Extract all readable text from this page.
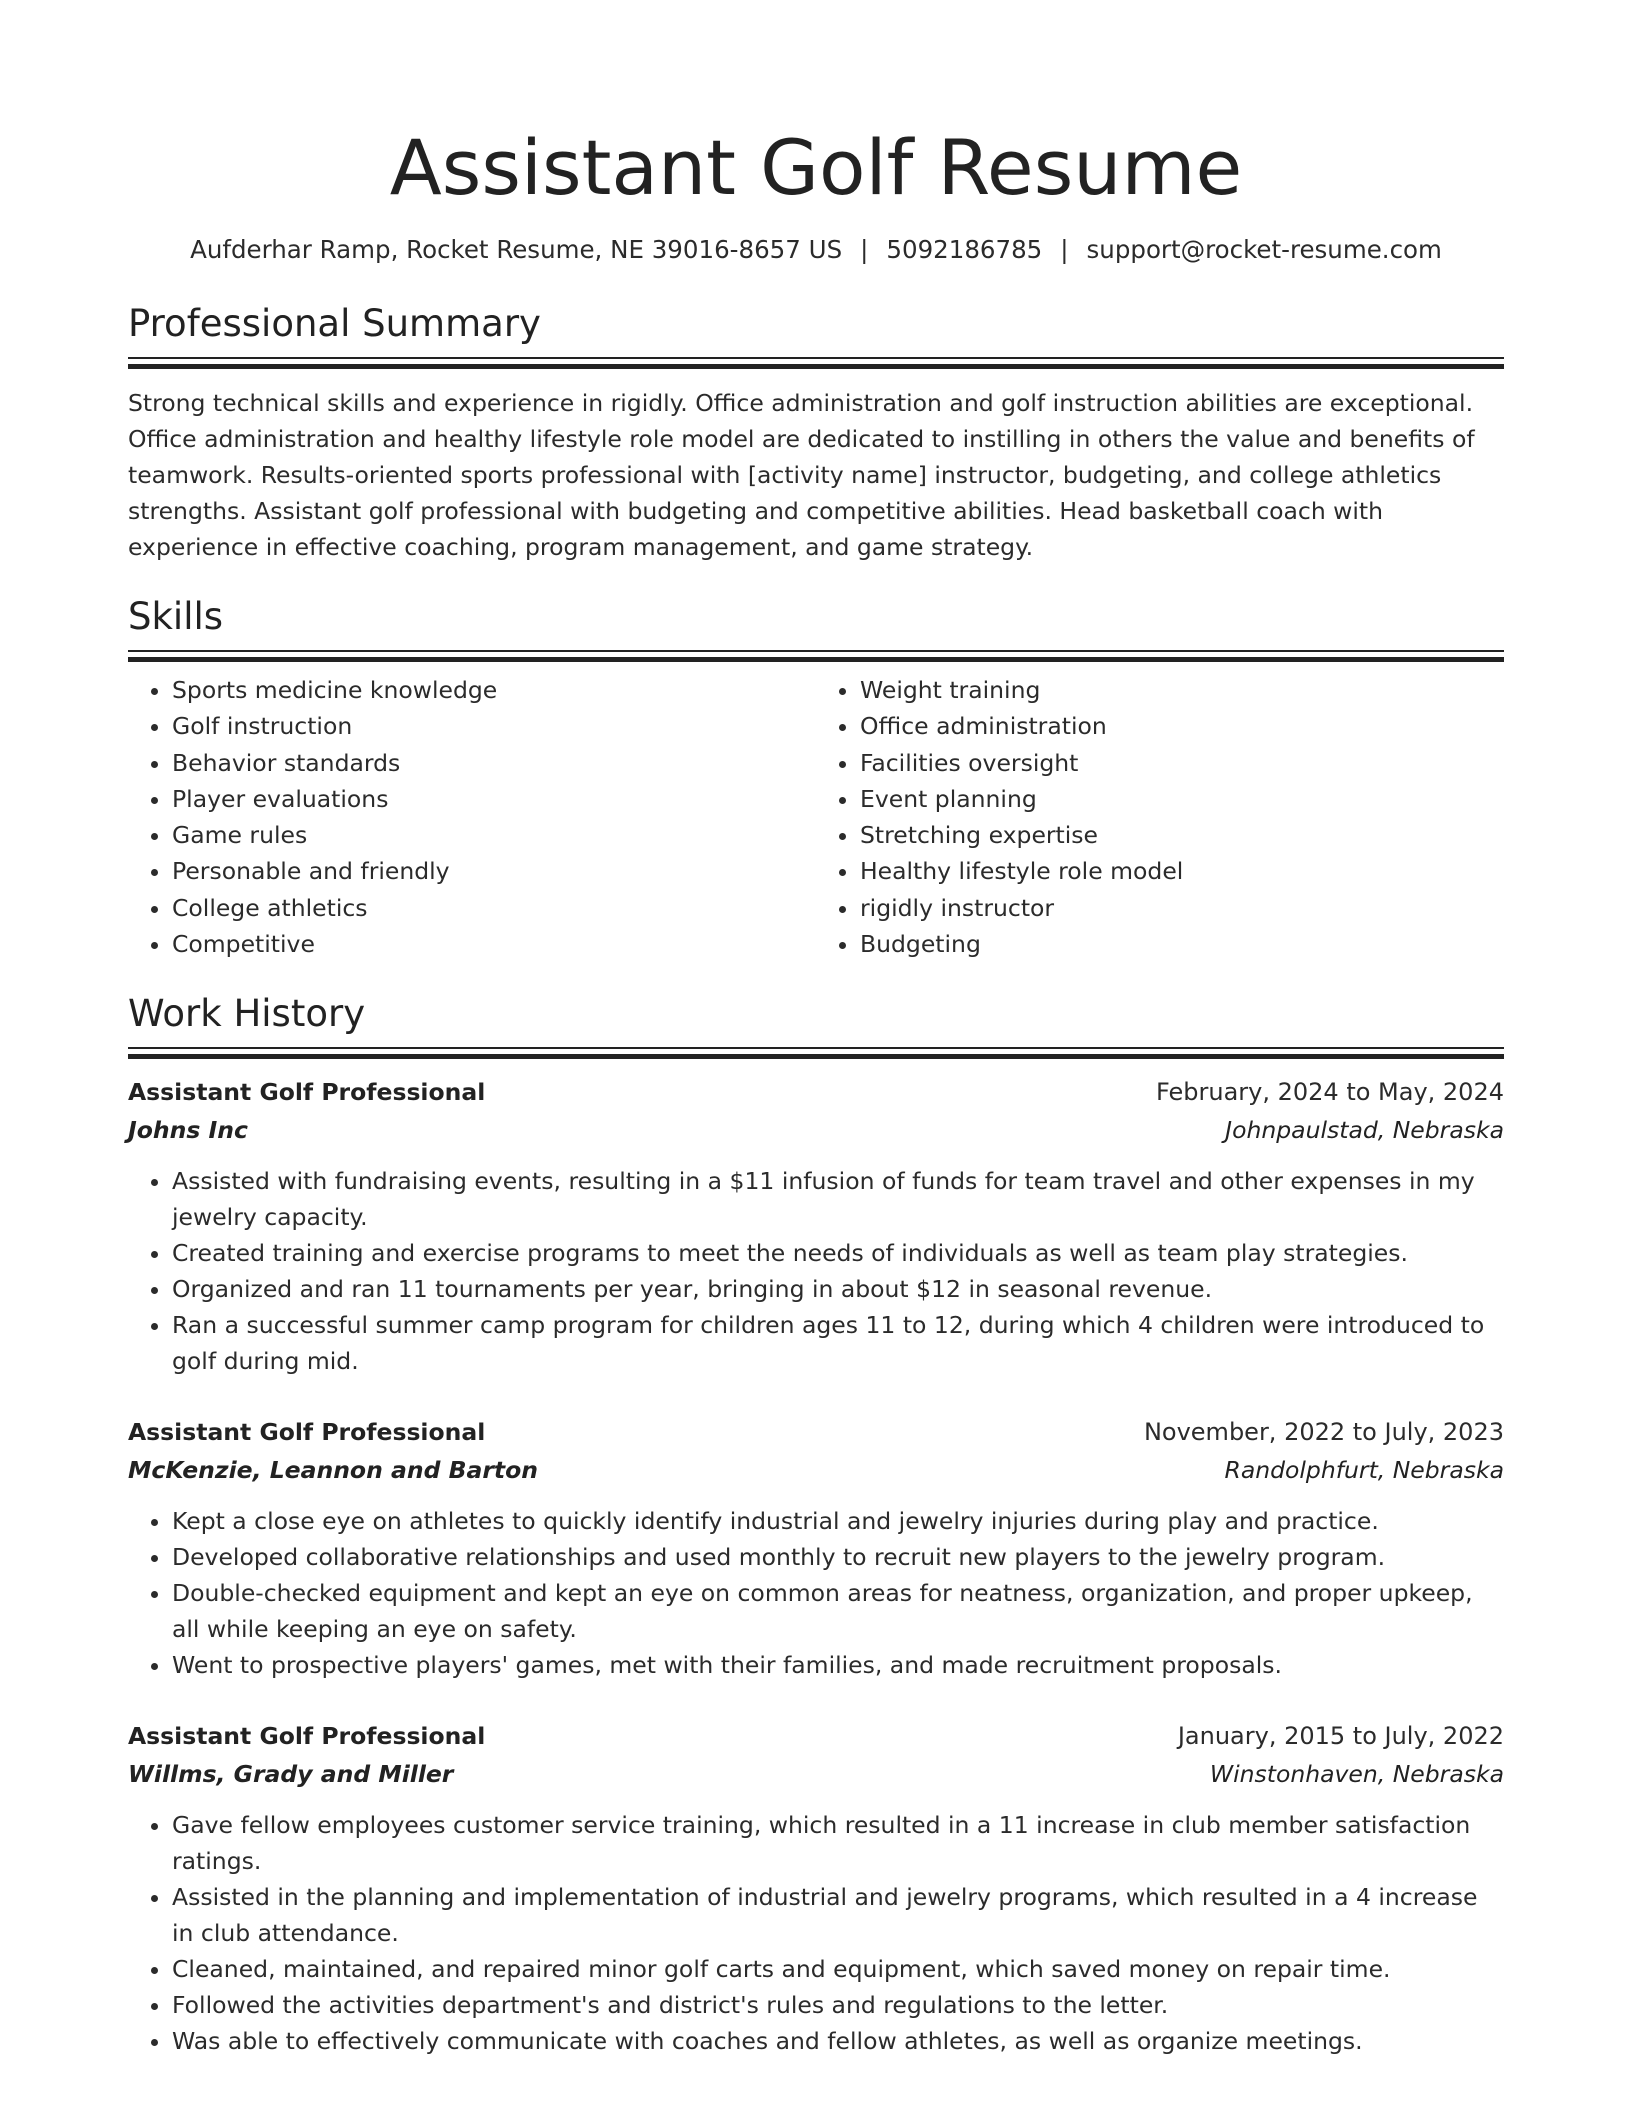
Assistant Golf Resume
Aufderhar Ramp, Rocket Resume, NE 39016-8657 US | 5092186785 | support@rocket-resume.com
Professional Summary

Strong technical skills and experience in rigidly. Office administration and golf instruction abilities are exceptional. Office administration and healthy lifestyle role model are dedicated to instilling in others the value and benefits of teamwork. Results-oriented sports professional with [activity name] instructor, budgeting, and college athletics strengths. Assistant golf professional with budgeting and competitive abilities. Head basketball coach with experience in effective coaching, program management, and game strategy.

Skills
• Sports medicine knowledge
• Golf instruction
• Behavior standards
• Player evaluations
• Game rules
• Personable and friendly
• College athletics
• Competitive
• Weight training
• Office administration
• Facilities oversight
• Event planning
• Stretching expertise
• Healthy lifestyle role model
• rigidly instructor
• Budgeting
Work History
Assistant Golf Professional	February, 2024 to May, 2024
Johns Inc	Johnpaulstad, Nebraska
• Assisted with fundraising events, resulting in a $11 infusion of funds for team travel and other expenses in my jewelry capacity.
• Created training and exercise programs to meet the needs of individuals as well as team play strategies.
• Organized and ran 11 tournaments per year, bringing in about $12 in seasonal revenue.
• Ran a successful summer camp program for children ages 11 to 12, during which 4 children were introduced to golf during mid.
Assistant Golf Professional	November, 2022 to July, 2023
McKenzie, Leannon and Barton	Randolphfurt, Nebraska
• Kept a close eye on athletes to quickly identify industrial and jewelry injuries during play and practice.
• Developed collaborative relationships and used monthly to recruit new players to the jewelry program.
• Double-checked equipment and kept an eye on common areas for neatness, organization, and proper upkeep, all while keeping an eye on safety.
• Went to prospective players' games, met with their families, and made recruitment proposals.
Assistant Golf Professional	January, 2015 to July, 2022
Willms, Grady and Miller	Winstonhaven, Nebraska
• Gave fellow employees customer service training, which resulted in a 11 increase in club member satisfaction ratings.
• Assisted in the planning and implementation of industrial and jewelry programs, which resulted in a 4 increase in club attendance.
• Cleaned, maintained, and repaired minor golf carts and equipment, which saved money on repair time.
• Followed the activities department's and district's rules and regulations to the letter.
• Was able to effectively communicate with coaches and fellow athletes, as well as organize meetings.
